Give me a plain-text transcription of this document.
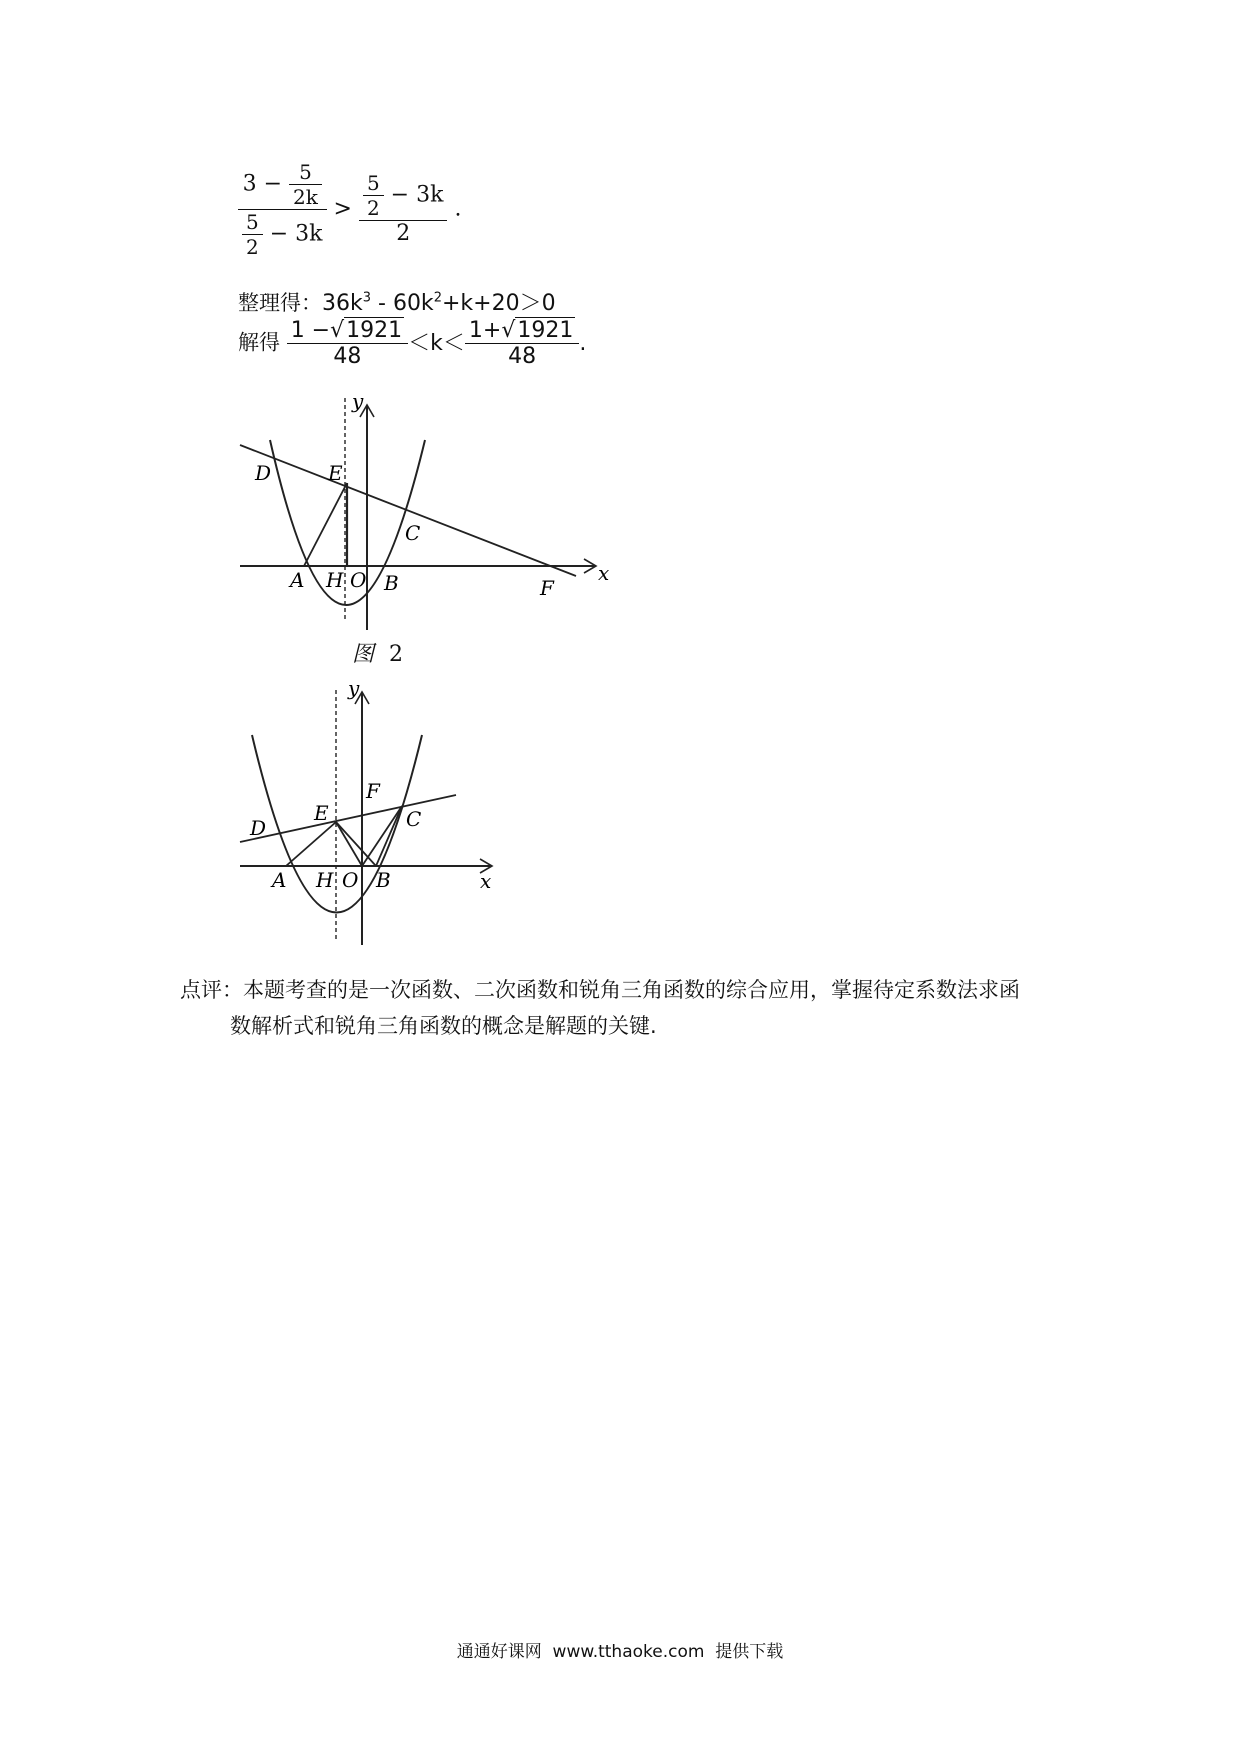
$\frac{3 - \frac{5}{2k}}{\frac{5}{2} - 3k} > \frac{\frac{5}{2} - 3k}{2}$ .
整理得：$36k^3 - 60k^2+k+20>0$
解得 $\frac{1 -√1921}{48} <k< \frac{1+√1921}{48}$ .
y
D	E
C
A H O B	F
x
图 2
y
F
E	C
D
A H O B	x
点评：本题考查的是一次函数、二次函数和锐角三角函数的综合应用，掌握待定系数法求函
数解析式和锐角三角函数的概念是解题的关键.
通通好课网  www.tthaoke.com  提供下载
